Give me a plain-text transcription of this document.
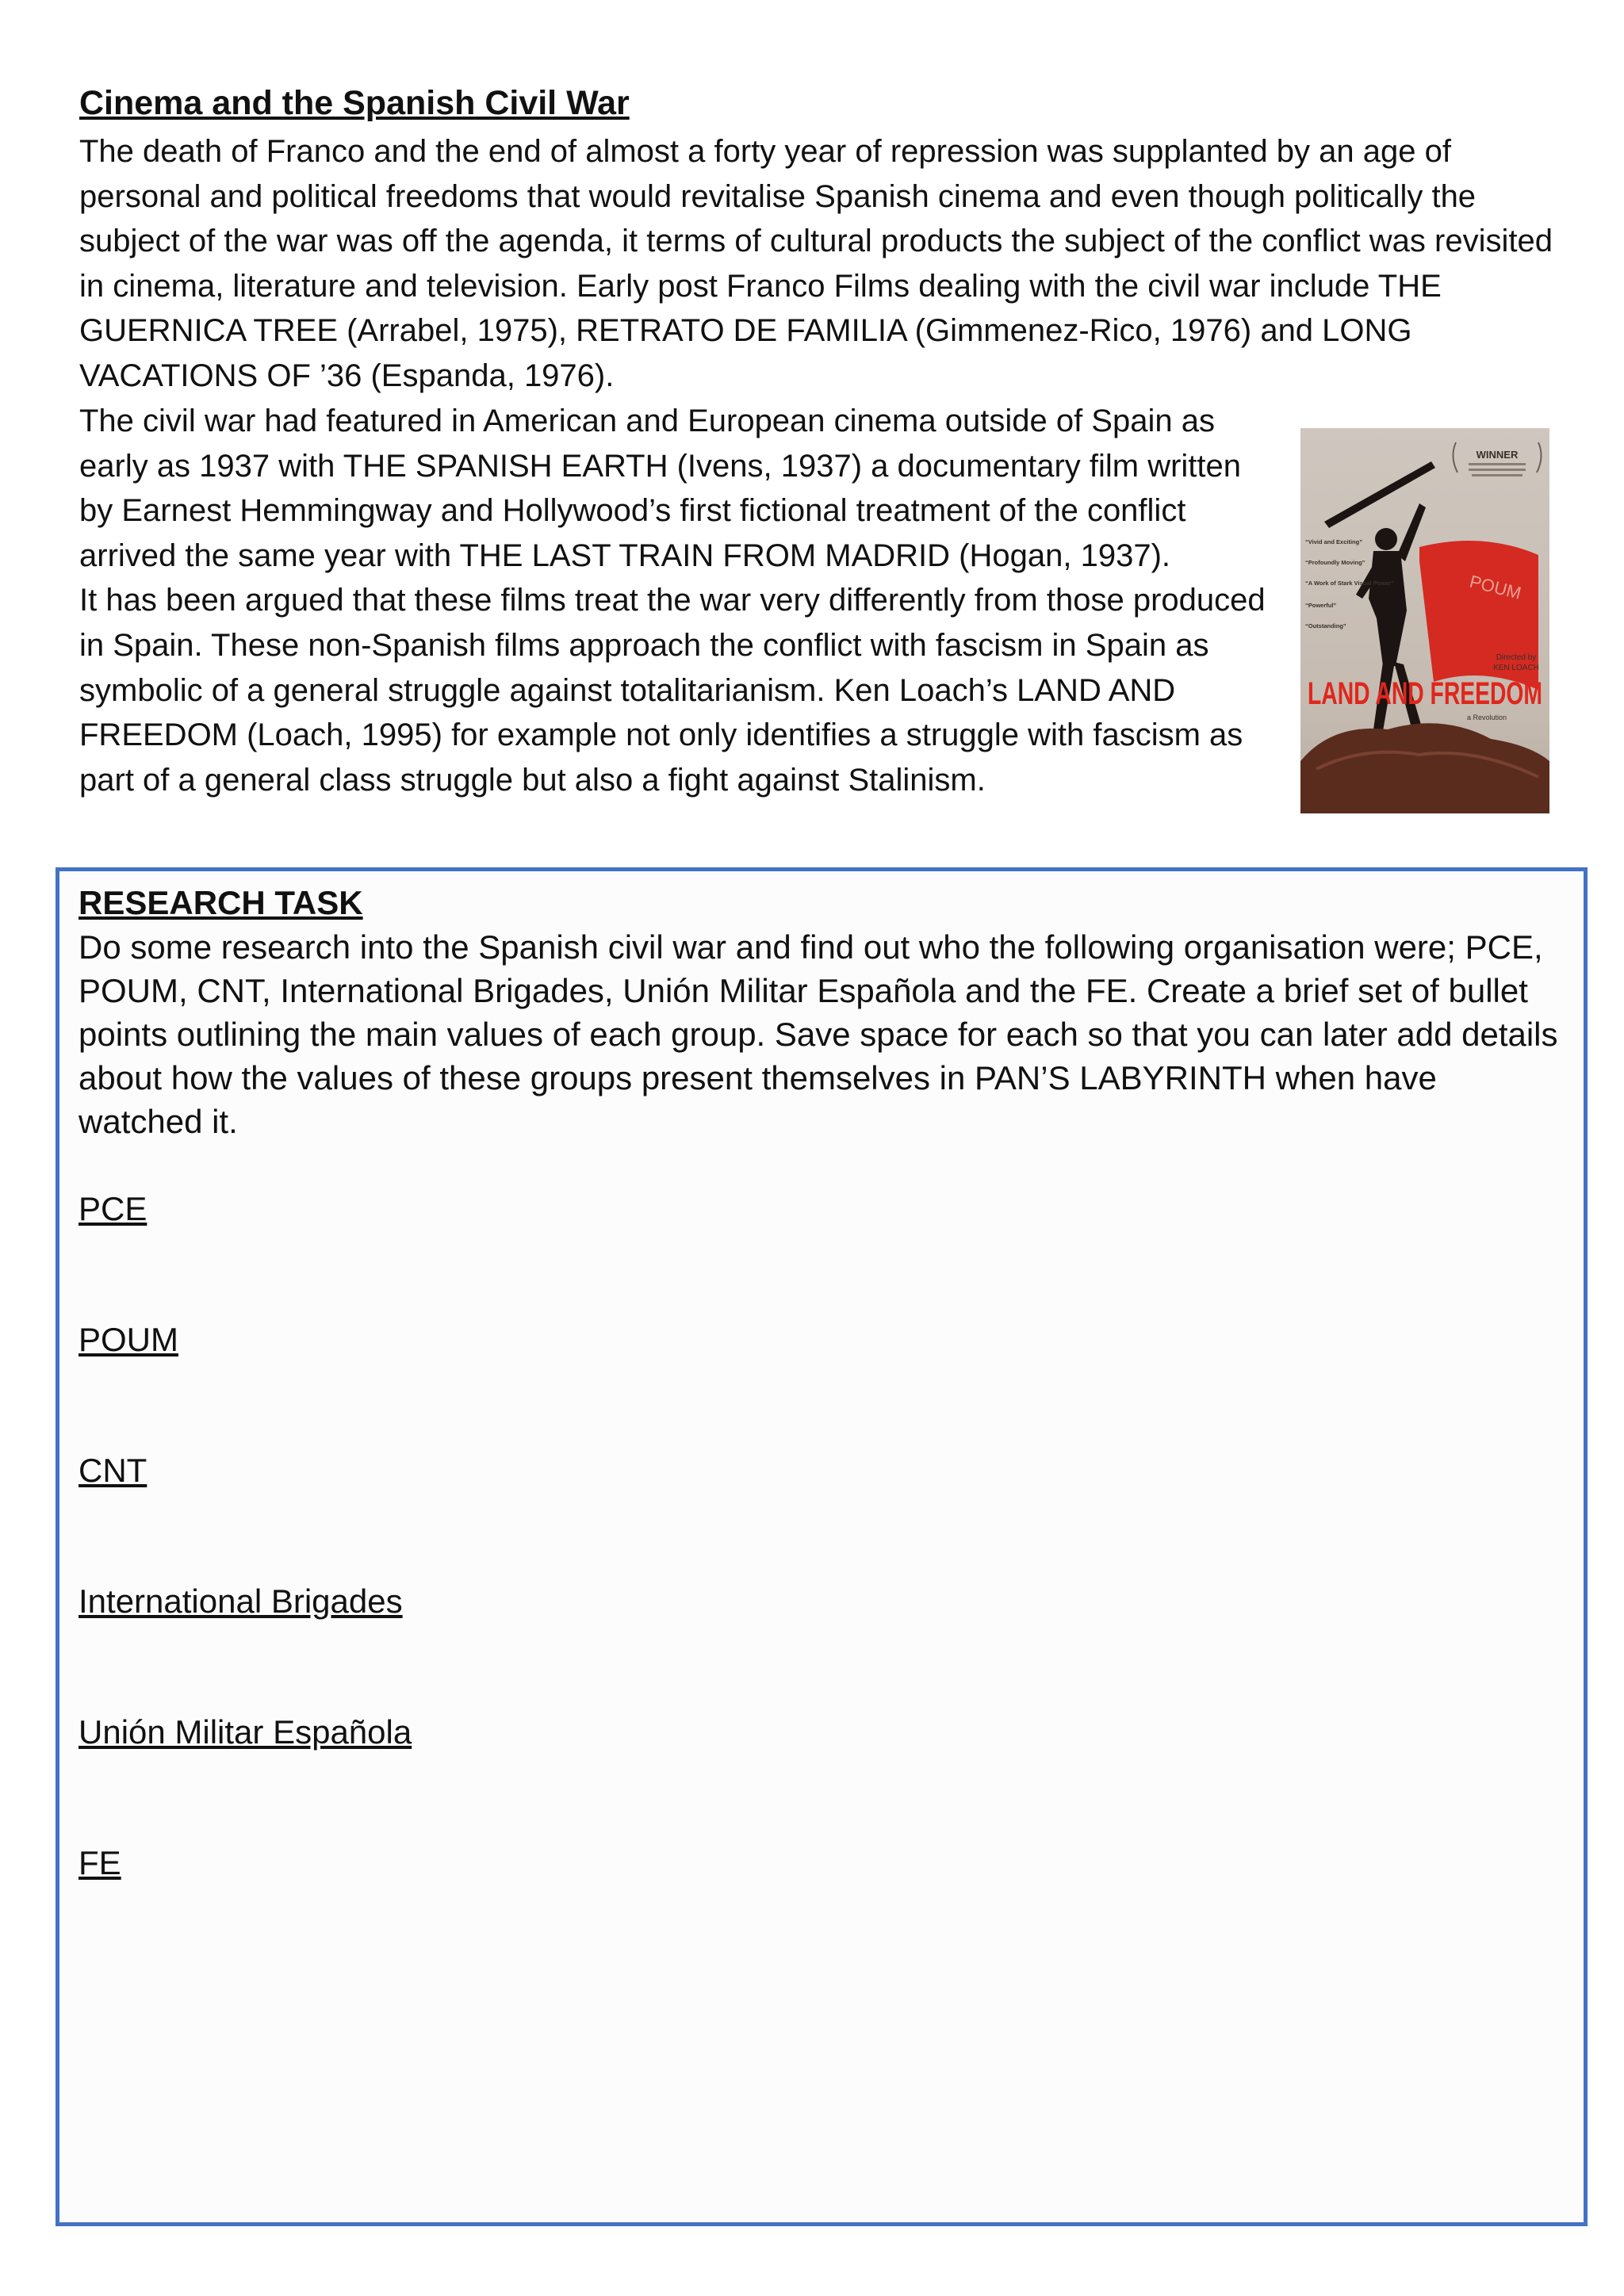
Cinema and the Spanish Civil War

The death of Franco and the end of almost a forty year of repression was supplanted by an age of personal and political freedoms that would revitalise Spanish cinema and even though politically the subject of the war was off the agenda, it terms of cultural products the subject of the conflict was revisited in cinema, literature and television. Early post Franco Films dealing with the civil war include THE GUERNICA TREE (Arrabel, 1975), RETRATO DE FAMILIA (Gimmenez-Rico, 1976) and LONG VACATIONS OF ’36 (Espanda, 1976).

The civil war had featured in American and European cinema outside of Spain as early as 1937 with THE SPANISH EARTH (Ivens, 1937) a documentary film written by Earnest Hemmingway and Hollywood’s first fictional treatment of the conflict arrived the same year with THE LAST TRAIN FROM MADRID (Hogan, 1937).

It has been argued that these films treat the war very differently from those produced in Spain. These non-Spanish films approach the conflict with fascism in Spain as symbolic of a general struggle against totalitarianism. Ken Loach’s LAND AND FREEDOM (Loach, 1995) for example not only identifies a struggle with fascism as part of a general class struggle but also a fight against Stalinism.

WINNER
POUM
“Vivid and Exciting”
“Profoundly Moving”
“A Work of Stark Visual Power”
“Powerful”
“Outstanding”
Directed by
KEN LOACH
LAND AND FREEDOM
a Revolution
RESEARCH TASK

Do some research into the Spanish civil war and find out who the following organisation were; PCE, POUM, CNT, International Brigades, Unión Militar Española and the FE. Create a brief set of bullet points outlining the main values of each group. Save space for each so that you can later add details about how the values of these groups present themselves in PAN’S LABYRINTH when have watched it.

PCE

POUM

CNT

International Brigades

Unión Militar Española

FE
